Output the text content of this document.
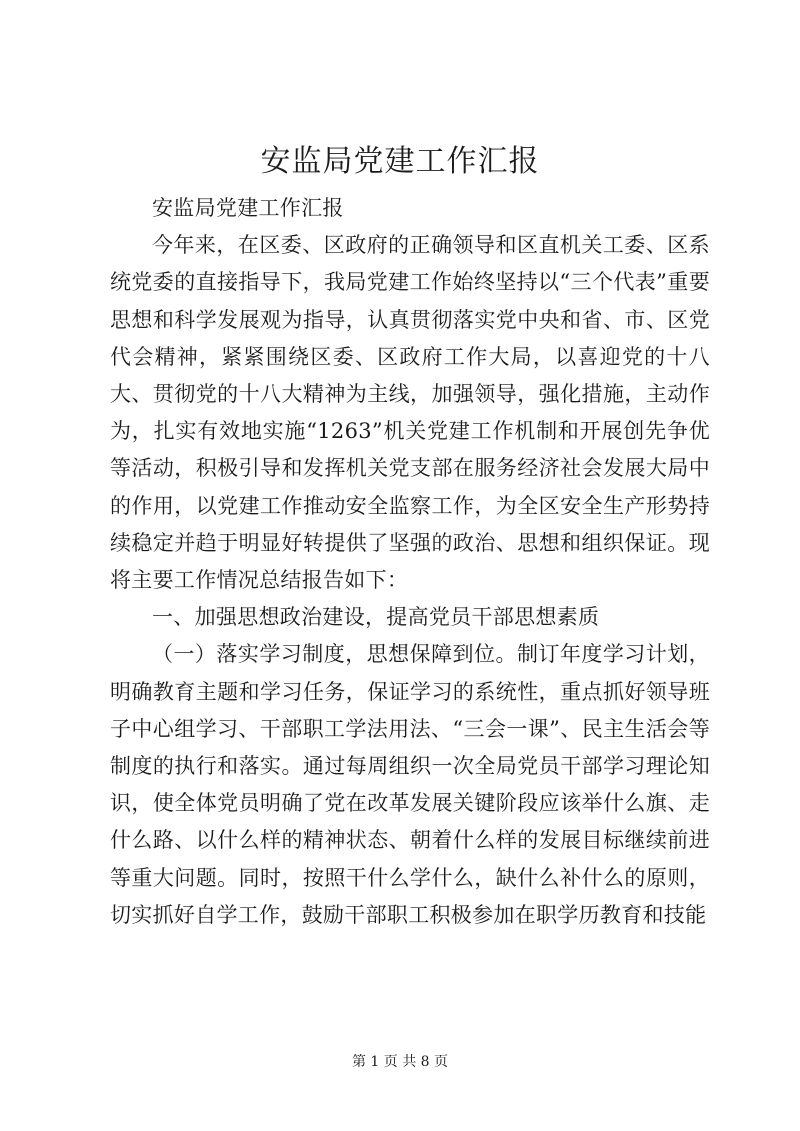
安监局党建工作汇报

安监局党建工作汇报

今年来，在区委、区政府的正确领导和区直机关工委、区系统党委的直接指导下，我局党建工作始终坚持以“三个代表”重要思想和科学发展观为指导，认真贯彻落实党中央和省、市、区党代会精神，紧紧围绕区委、区政府工作大局，以喜迎党的十八大、贯彻党的十八大精神为主线，加强领导，强化措施，主动作为，扎实有效地实施“1263”机关党建工作机制和开展创先争优等活动，积极引导和发挥机关党支部在服务经济社会发展大局中的作用，以党建工作推动安全监察工作，为全区安全生产形势持续稳定并趋于明显好转提供了坚强的政治、思想和组织保证。现将主要工作情况总结报告如下：

一、加强思想政治建设，提高党员干部思想素质

（一）落实学习制度，思想保障到位。制订年度学习计划，明确教育主题和学习任务，保证学习的系统性，重点抓好领导班子中心组学习、干部职工学法用法、“三会一课”、民主生活会等制度的执行和落实。通过每周组织一次全局党员干部学习理论知识，使全体党员明确了党在改革发展关键阶段应该举什么旗、走什么路、以什么样的精神状态、朝着什么样的发展目标继续前进等重大问题。同时，按照干什么学什么，缺什么补什么的原则，切实抓好自学工作，鼓励干部职工积极参加在职学历教育和技能

第 1 页 共 8 页
